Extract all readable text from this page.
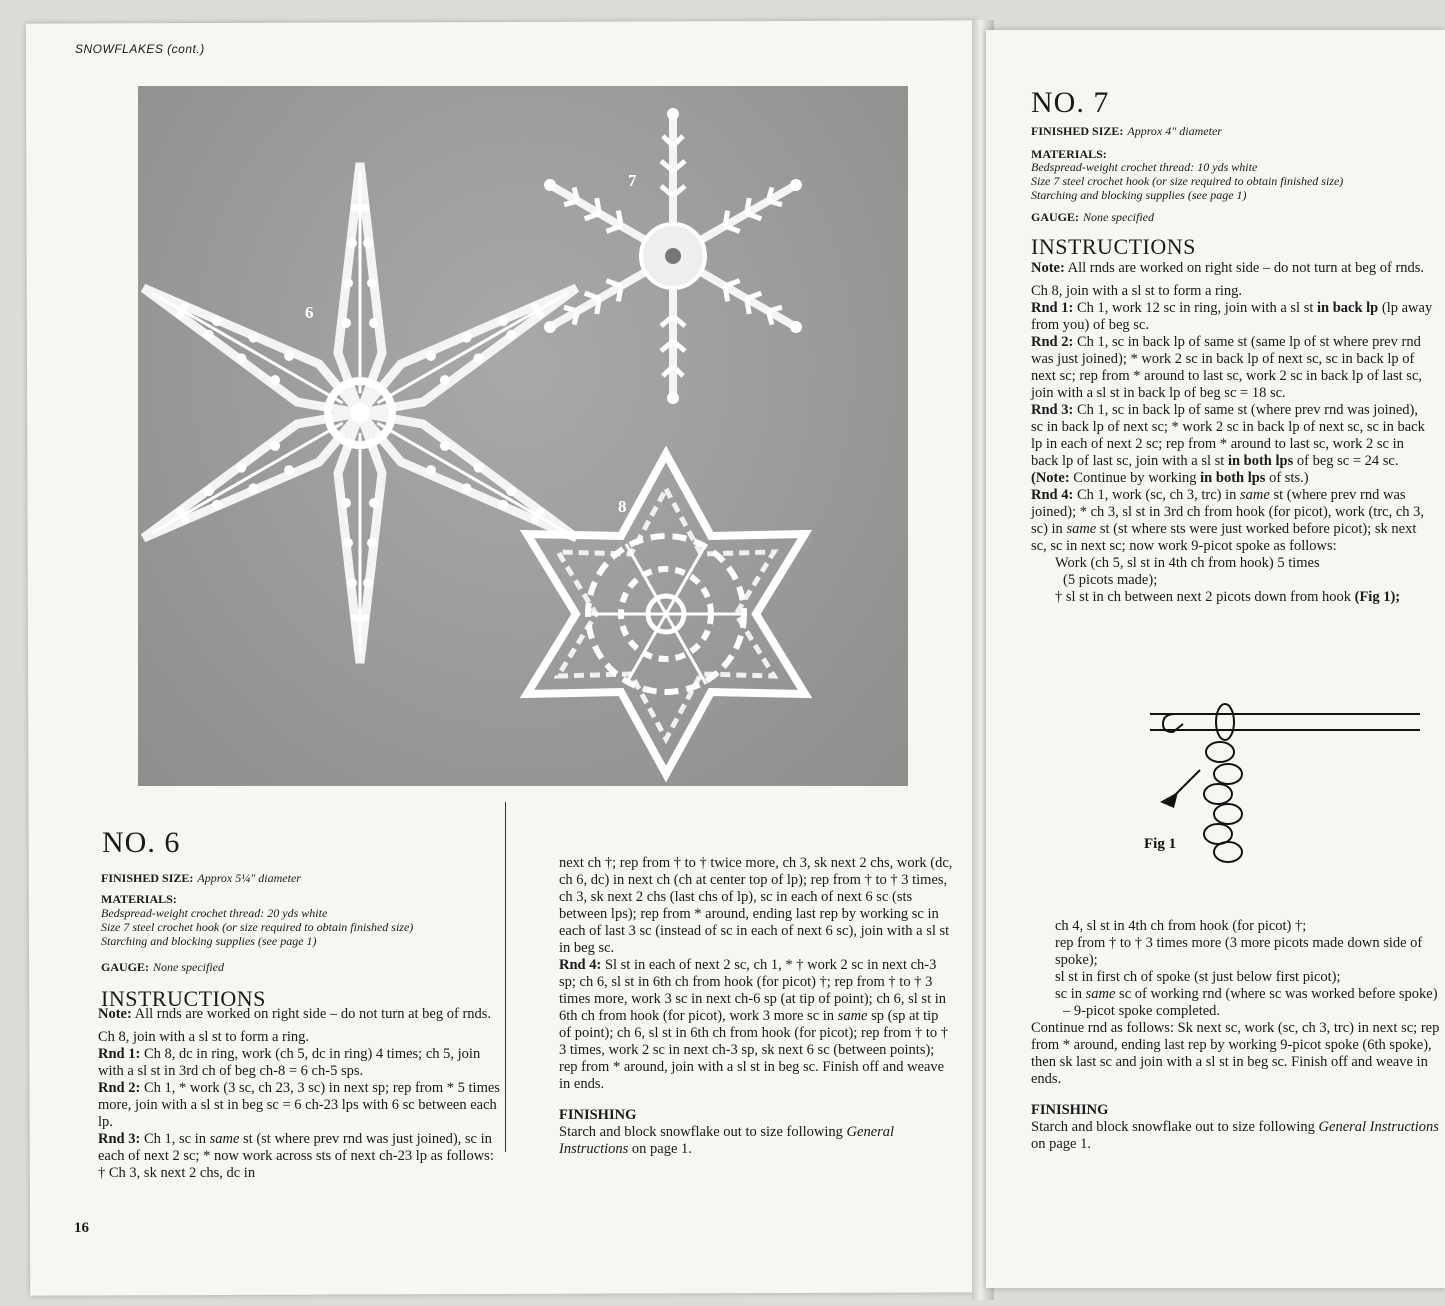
SNOWFLAKES (cont.)
6
7
8
NO. 6
FINISHED SIZE: Approx 5¼" diameter
MATERIALS:
Bedspread-weight crochet thread: 20 yds white
Size 7 steel crochet hook (or size required to obtain finished size)
Starching and blocking supplies (see page 1)
GAUGE: None specified
INSTRUCTIONS

Note: All rnds are worked on right side – do not turn at beg of rnds.

Ch 8, join with a sl st to form a ring.

Rnd 1: Ch 8, dc in ring, work (ch 5, dc in ring) 4 times; ch 5, join with a sl st in 3rd ch of beg ch-8 = 6 ch-5 sps.

Rnd 2: Ch 1, * work (3 sc, ch 23, 3 sc) in next sp; rep from * 5 times more, join with a sl st in beg sc = 6 ch-23 lps with 6 sc between each lp.

Rnd 3: Ch 1, sc in same st (st where prev rnd was just joined), sc in each of next 2 sc; * now work across sts of next ch-23 lp as follows: † Ch 3, sk next 2 chs, dc in

next ch †; rep from † to † twice more, ch 3, sk next 2 chs, work (dc, ch 6, dc) in next ch (ch at center top of lp); rep from † to † 3 times, ch 3, sk next 2 chs (last chs of lp), sc in each of next 6 sc (sts between lps); rep from * around, ending last rep by working sc in each of last 3 sc (instead of sc in each of next 6 sc), join with a sl st in beg sc.

Rnd 4: Sl st in each of next 2 sc, ch 1, * † work 2 sc in next ch-3 sp; ch 6, sl st in 6th ch from hook (for picot) †; rep from † to † 3 times more, work 3 sc in next ch-6 sp (at tip of point); ch 6, sl st in 6th ch from hook (for picot), work 3 more sc in same sp (sp at tip of point); ch 6, sl st in 6th ch from hook (for picot); rep from † to † 3 times, work 2 sc in next ch-3 sp, sk next 6 sc (between points); rep from * around, join with a sl st in beg sc. Finish off and weave in ends.

FINISHING

Starch and block snowflake out to size following General Instructions on page 1.

16
NO. 7
FINISHED SIZE: Approx 4" diameter
MATERIALS:
Bedspread-weight crochet thread: 10 yds white
Size 7 steel crochet hook (or size required to obtain finished size)
Starching and blocking supplies (see page 1)
GAUGE: None specified
INSTRUCTIONS

Note: All rnds are worked on right side – do not turn at beg of rnds.

Ch 8, join with a sl st to form a ring.

Rnd 1: Ch 1, work 12 sc in ring, join with a sl st in back lp (lp away from you) of beg sc.

Rnd 2: Ch 1, sc in back lp of same st (same lp of st where prev rnd was just joined); * work 2 sc in back lp of next sc, sc in back lp of next sc; rep from * around to last sc, work 2 sc in back lp of last sc, join with a sl st in back lp of beg sc = 18 sc.

Rnd 3: Ch 1, sc in back lp of same st (where prev rnd was joined), sc in back lp of next sc; * work 2 sc in back lp of next sc, sc in back lp in each of next 2 sc; rep from * around to last sc, work 2 sc in back lp of last sc, join with a sl st in both lps of beg sc = 24 sc. (Note: Continue by working in both lps of sts.)

Rnd 4: Ch 1, work (sc, ch 3, trc) in same st (where prev rnd was joined); * ch 3, sl st in 3rd ch from hook (for picot), work (trc, ch 3, sc) in same st (st where sts were just worked before picot); sk next sc, sc in next sc; now work 9-picot spoke as follows:

Work (ch 5, sl st in 4th ch from hook) 5 times

(5 picots made);

† sl st in ch between next 2 picots down from hook (Fig 1);

Fig 1

ch 4, sl st in 4th ch from hook (for picot) †;

rep from † to † 3 times more (3 more picots made down side of spoke);

sl st in first ch of spoke (st just below first picot);

sc in same sc of working rnd (where sc was worked before spoke)

– 9-picot spoke completed.

Continue rnd as follows: Sk next sc, work (sc, ch 3, trc) in next sc; rep from * around, ending last rep by working 9-picot spoke (6th spoke), then sk last sc and join with a sl st in beg sc. Finish off and weave in ends.

FINISHING

Starch and block snowflake out to size following General Instructions on page 1.
